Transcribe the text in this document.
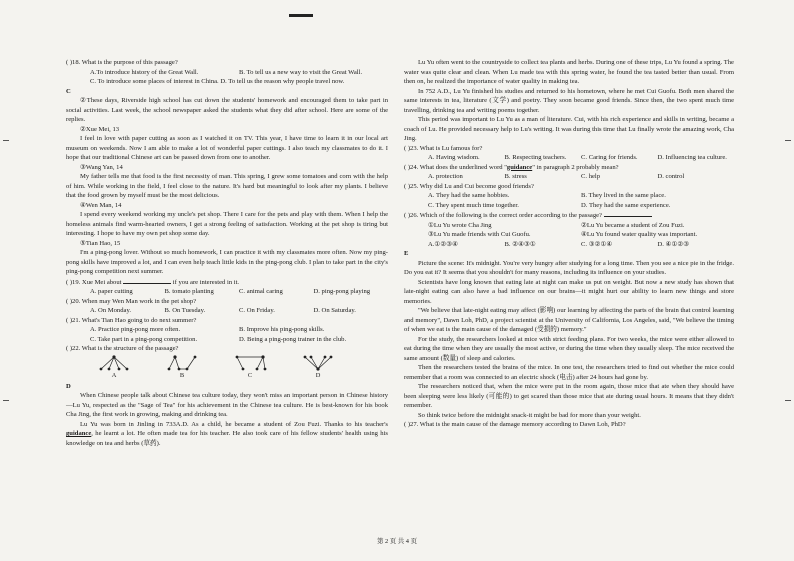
( )18. What is the purpose of this passage?

A.To introduce history of the Great Wall.	B. To tell us a new way to visit the Great Wall.

C. To introduce some places of interest in China. D. To tell us the reason why people travel now.

C

②These days, Riverside high school has cut down the students' homework and encouraged them to take part in social activities. Last week, the school newspaper asked the students what they did after school. Here are some of the replies.

②Xue Mei, 13

I feel in love with paper cutting as soon as I watched it on TV. This year, I have time to learn it in our local art museum on weekends. Now I am able to make a lot of wonderful paper cuttings. I also teach my classmates to do it. I hope that our traditional Chinese art can be passed down from one to another.

③Wang Yan, 14

My father tells me that food is the first necessity of man. This spring, I grew some tomatoes and corn with the help of him. While working in the field, I feel close to the nature. It's hard but meaningful to look after my plants. I believe that the food grown by myself must be the most delicious.

④Wen Man, 14

I spend every weekend working my uncle's pet shop. There I care for the pets and play with them. When I help the homeless animals find warm-hearted owners, I get a strong feeling of satisfaction. Working at the pet shop is tiring but interesting. I hope to have my own pet shop some day.

⑤Tian Hao, 15

I'm a ping-pong lover. Without so much homework, I can practice it with my classmates more often. Now my ping-pong skills have improved a lot, and I can even help teach little kids in the ping-pong club. I plan to take part in the city's ping-pong competition next summer.

( )19. Xue Mei about	if you are interested in it.

A. paper cutting	B. tomato planting	C. animal caring	D. ping-pong playing

( )20. When may Wen Man work in the pet shop?

A. On Monday.	B. On Tuesday.	C. On Friday.	D. On Saturday.

( )21. What's Tian Hao going to do next summer?

A. Practice ping-pong more often.	B. Improve his ping-pong skills.
C. Take part in a ping-pong competition.	D. Being a ping-pong trainer in the club.

( )22. What is the structure of the passage?

A	B	C	D

D

When Chinese people talk about Chinese tea culture today, they won't miss an important person in Chinese history—Lu Yu, respected as the "Sage of Tea" for his achievement in the Chinese tea culture. He is best-known for his book Cha Jing, the first work in growing, making and drinking tea.

Lu Yu was born in Jinling in 733A.D. As a child, he became a student of Zou Fuzi. Thanks to his teacher's guidance, he learnt a lot. He often made tea for his teacher. He also took care of his fellow students' health using his knowledge on tea and herbs (草药).

Lu Yu often went to the countryside to collect tea plants and herbs. During one of these trips, Lu Yu found a spring. The water was quite clear and clean. When Lu made tea with this spring water, he found the tea tasted better than usual. From then on, he realized the importance of water quality in making tea.

In 752 A.D., Lu Yu finished his studies and returned to his hometown, where he met Cui Guofu. Both men shared the same interests in tea, literature (文学) and poetry. They soon became good friends. Since then, the two spent much time travelling, drinking tea and writing poems together.

This period was important to Lu Yu as a man of literature. Cui, with his rich experience and skills in writing, became a coach of Lu. He provided necessary help to Lu's writing. It was during this time that Lu finally wrote the amazing work, Cha Jing.

( )23. What is Lu famous for?

A. Having wisdom.	B. Respecting teachers.	C. Caring for friends.	D. Influencing tea culture.

( )24. What does the underlined word "guidance" in paragraph 2 probably mean?

A. protection	B. stress	C. help	D. control

( )25. Why did Lu and Cui become good friends?

A. They had the same hobbies.	B. They lived in the same place.
C. They spent much time together.	D. They had the same experience.

( )26. Which of the following is the correct order according to the passage?

①Lu Yu wrote Cha Jing	②Lu Yu became a student of Zou Fuzi.
③Lu Yu made friends with Cui Guofu.	④Lu Yu found water quality was important.
A.①②③④	B. ②④③①	C. ③②①④	D. ④①②③

E

Picture the scene: It's midnight. You're very hungry after studying for a long time. Then you see a nice pie in the fridge. Do you eat it? It seems that you shouldn't for many reasons, including its influence on your studies.

Scientists have long known that eating late at night can make us put on weight. But now a new study has shown that late-night eating can also have a bad influence on our brains—it might hurt our ability to learn new things and store memories.

"We believe that late-night eating may affect (影响) our learning by affecting the parts of the brain that control learning and memory", Dawn Loh, PhD, a project scientist at the University of California, Los Angeles, said, "We believe the timing of when we eat is the main cause of the damaged (受损的) memory."

For the study, the researchers looked at mice with strict feeding plans. For two weeks, the mice were either allowed to eat during the time when they are usually the most active, or during the time when they usually sleep. The mice received the same amount (数量) of sleep and calories.

Then the researchers tested the brains of the mice. In one test, the researchers tried to find out whether the mice could remember that a room was connected to an electric shock (电击) after 24 hours had gone by.

The researchers noticed that, when the mice were put in the room again, those mice that ate when they should have been sleeping were less likely (可能的) to get scared than those mice that ate during usual hours. It means that they didn't remember.

So think twice before the midnight snack-it might be bad for more than your weight.

( )27. What is the main cause of the damage memory according to Dawn Loh, PhD?

第 2 页 共 4 页
